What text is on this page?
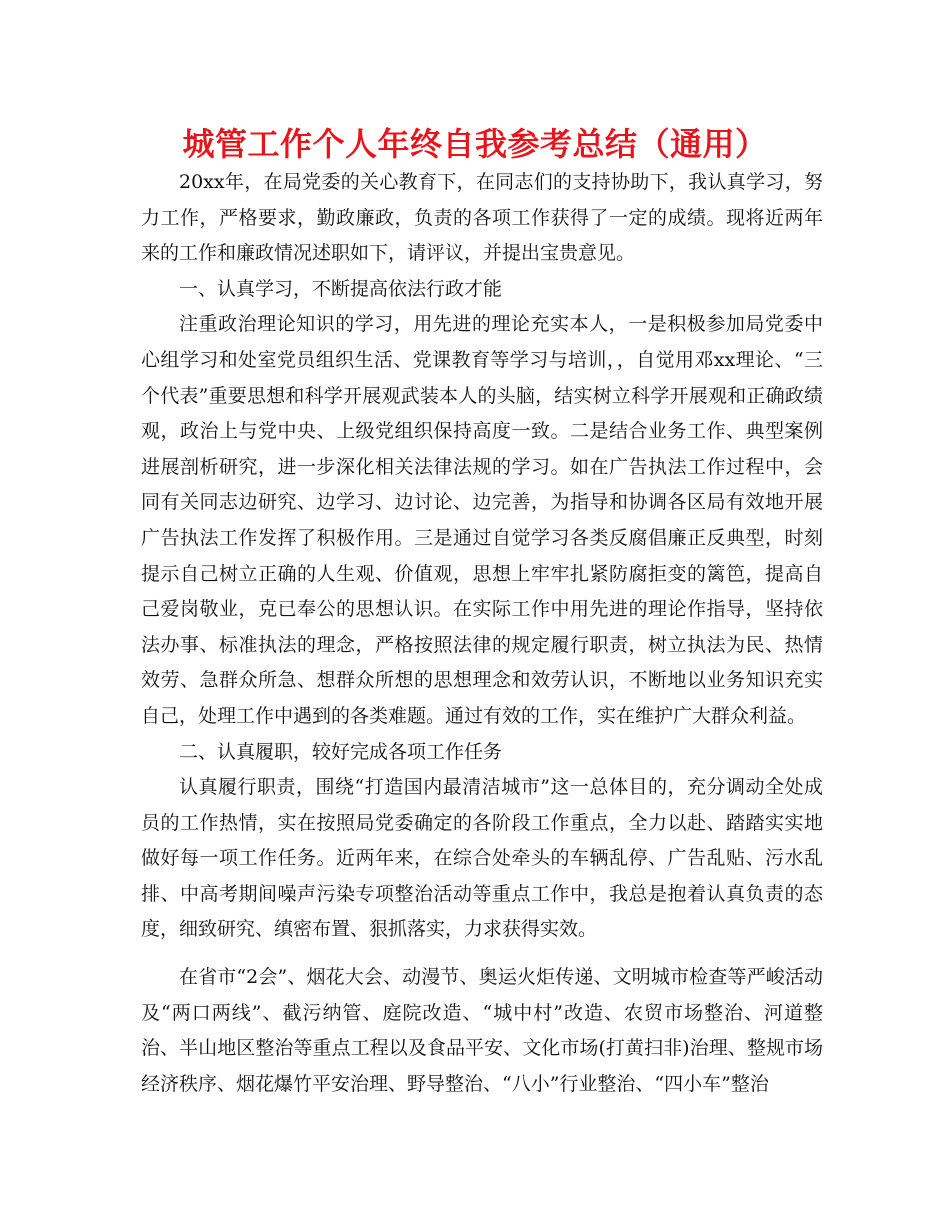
城管工作个人年终自我参考总结（通用）

20xx年，在局党委的关心教育下，在同志们的支持协助下，我认真学习，努力工作，严格要求，勤政廉政，负责的各项工作获得了一定的成绩。现将近两年来的工作和廉政情况述职如下，请评议，并提出宝贵意见。

一、认真学习，不断提高依法行政才能

注重政治理论知识的学习，用先进的理论充实本人，一是积极参加局党委中心组学习和处室党员组织生活、党课教育等学习与培训，，自觉用邓xx理论、“三个代表”重要思想和科学开展观武装本人的头脑，结实树立科学开展观和正确政绩观，政治上与党中央、上级党组织保持高度一致。二是结合业务工作、典型案例进展剖析研究，进一步深化相关法律法规的学习。如在广告执法工作过程中，会同有关同志边研究、边学习、边讨论、边完善，为指导和协调各区局有效地开展广告执法工作发挥了积极作用。三是通过自觉学习各类反腐倡廉正反典型，时刻提示自己树立正确的人生观、价值观，思想上牢牢扎紧防腐拒变的篱笆，提高自己爱岗敬业，克已奉公的思想认识。在实际工作中用先进的理论作指导，坚持依法办事、标准执法的理念，严格按照法律的规定履行职责，树立执法为民、热情效劳、急群众所急、想群众所想的思想理念和效劳认识，不断地以业务知识充实自己，处理工作中遇到的各类难题。通过有效的工作，实在维护广大群众利益。

二、认真履职，较好完成各项工作任务

认真履行职责，围绕“打造国内最清洁城市”这一总体目的，充分调动全处成员的工作热情，实在按照局党委确定的各阶段工作重点，全力以赴、踏踏实实地做好每一项工作任务。近两年来，在综合处牵头的车辆乱停、广告乱贴、污水乱排、中高考期间噪声污染专项整治活动等重点工作中，我总是抱着认真负责的态度，细致研究、缜密布置、狠抓落实，力求获得实效。

在省市“2会”、烟花大会、动漫节、奥运火炬传递、文明城市检查等严峻活动及“两口两线”、截污纳管、庭院改造、“城中村”改造、农贸市场整治、河道整治、半山地区整治等重点工程以及食品平安、文化市场(打黄扫非)治理、整规市场经济秩序、烟花爆竹平安治理、野导整治、“八小”行业整治、“四小车”整治
